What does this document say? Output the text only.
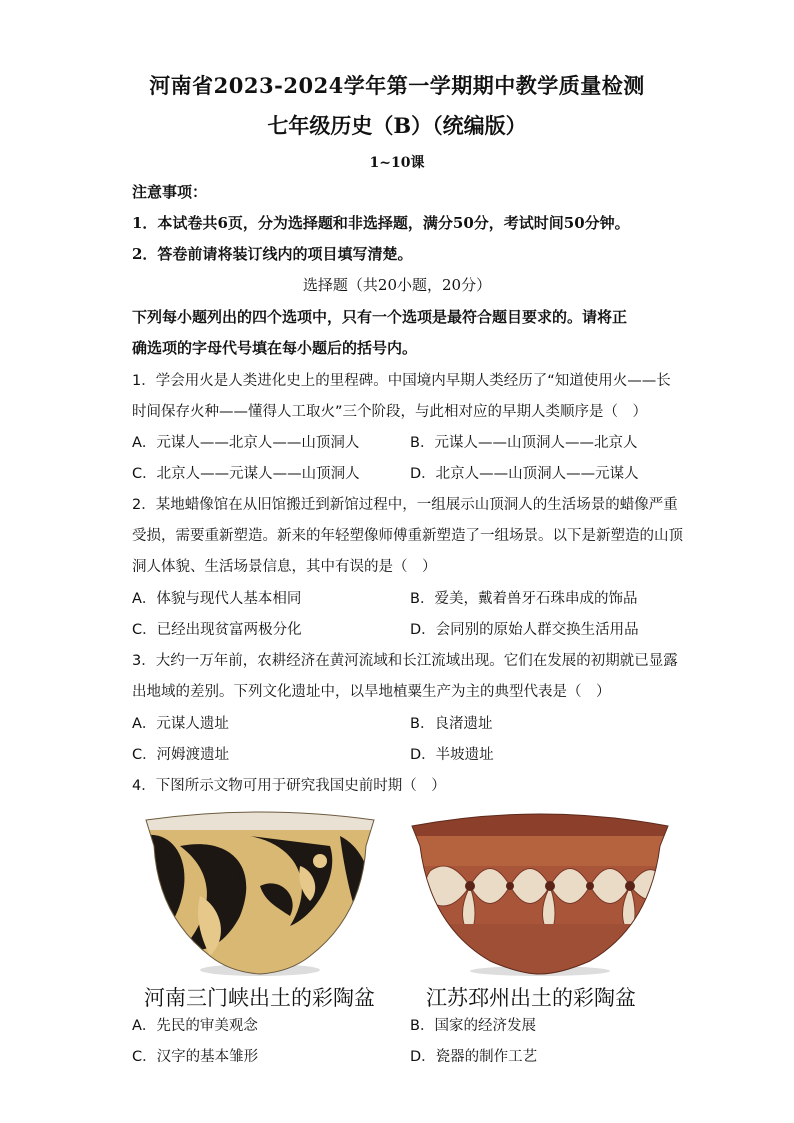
河南省2023-2024学年第一学期期中教学质量检测
七年级历史（B）（统编版）
1~10课
注意事项：
1．本试卷共6页，分为选择题和非选择题，满分50分，考试时间50分钟。
2．答卷前请将装订线内的项目填写清楚。
选择题（共20小题，20分）
下列每小题列出的四个选项中，只有一个选项是最符合题目要求的。请将正
确选项的字母代号填在每小题后的括号内。
1．学会用火是人类进化史上的里程碑。中国境内早期人类经历了“知道使用火——长
时间保存火种——懂得人工取火”三个阶段，与此相对应的早期人类顺序是（　）
A．元谋人——北京人——山顶洞人	B．元谋人——山顶洞人——北京人
C．北京人——元谋人——山顶洞人	D．北京人——山顶洞人——元谋人
2．某地蜡像馆在从旧馆搬迁到新馆过程中，一组展示山顶洞人的生活场景的蜡像严重
受损，需要重新塑造。新来的年轻塑像师傅重新塑造了一组场景。以下是新塑造的山顶
洞人体貌、生活场景信息，其中有误的是（　）
A．体貌与现代人基本相同	B．爱美，戴着兽牙石珠串成的饰品
C．已经出现贫富两极分化	D．会同别的原始人群交换生活用品
3．大约一万年前，农耕经济在黄河流域和长江流域出现。它们在发展的初期就已显露
出地域的差别。下列文化遗址中，以旱地植粟生产为主的典型代表是（　）
A．元谋人遗址	B．良渚遗址
C．河姆渡遗址	D．半坡遗址
4．下图所示文物可用于研究我国史前时期（　）
河南三门峡出土的彩陶盆 江苏邳州出土的彩陶盆
A．先民的审美观念	B．国家的经济发展
C．汉字的基本雏形	D．瓷器的制作工艺
